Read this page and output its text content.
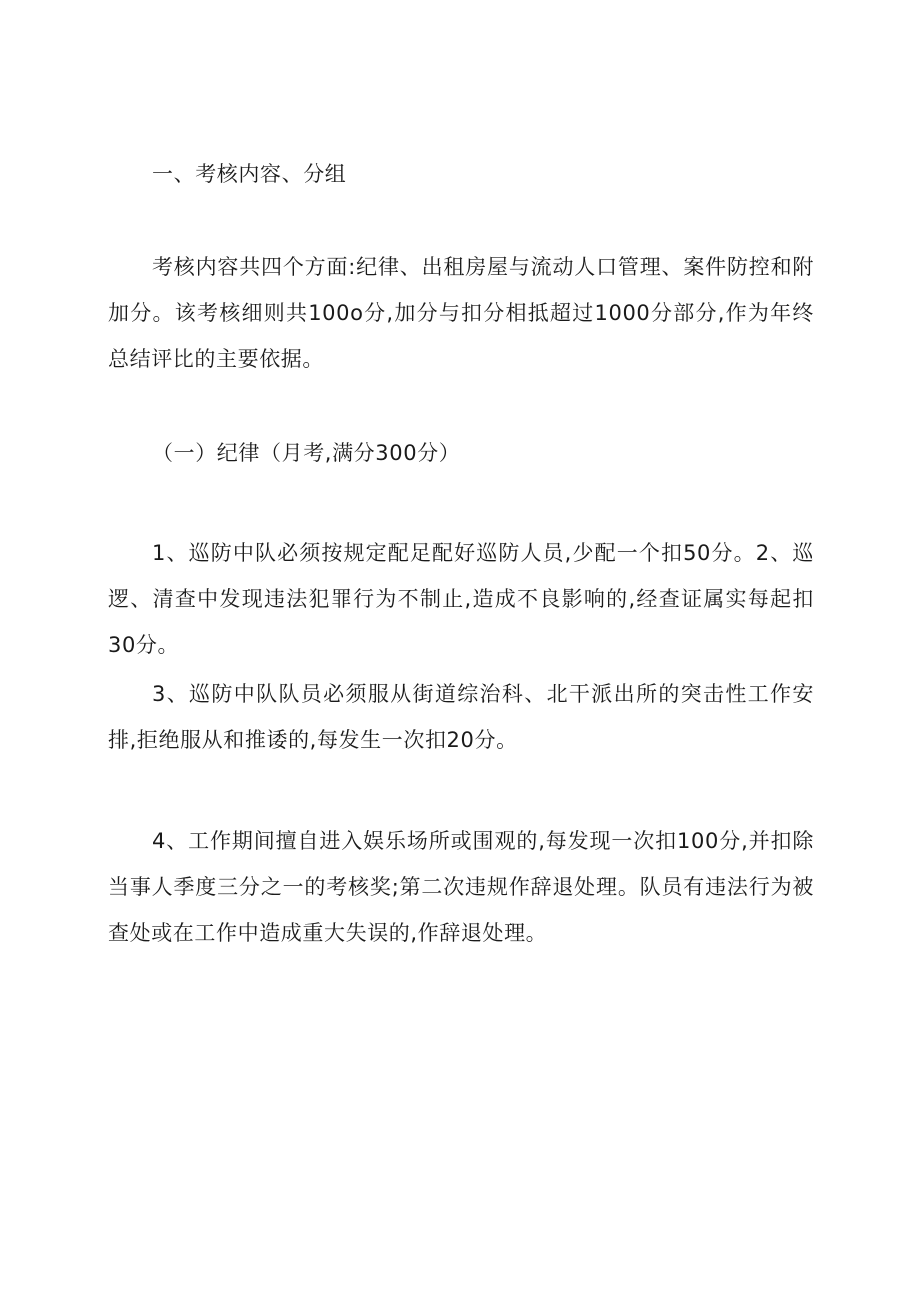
一、考核内容、分组

考核内容共四个方面:纪律、出租房屋与流动人口管理、案件防控和附加分。该考核细则共100o分,加分与扣分相抵超过1000分部分,作为年终总结评比的主要依据。

（一）纪律（月考,满分300分）

1、巡防中队必须按规定配足配好巡防人员,少配一个扣50分。2、巡逻、清查中发现违法犯罪行为不制止,造成不良影响的,经查证属实每起扣30分。

3、巡防中队队员必须服从街道综治科、北干派出所的突击性工作安排,拒绝服从和推诿的,每发生一次扣20分。

4、工作期间擅自进入娱乐场所或围观的,每发现一次扣100分,并扣除当事人季度三分之一的考核奖;第二次违规作辞退处理。队员有违法行为被查处或在工作中造成重大失误的,作辞退处理。
